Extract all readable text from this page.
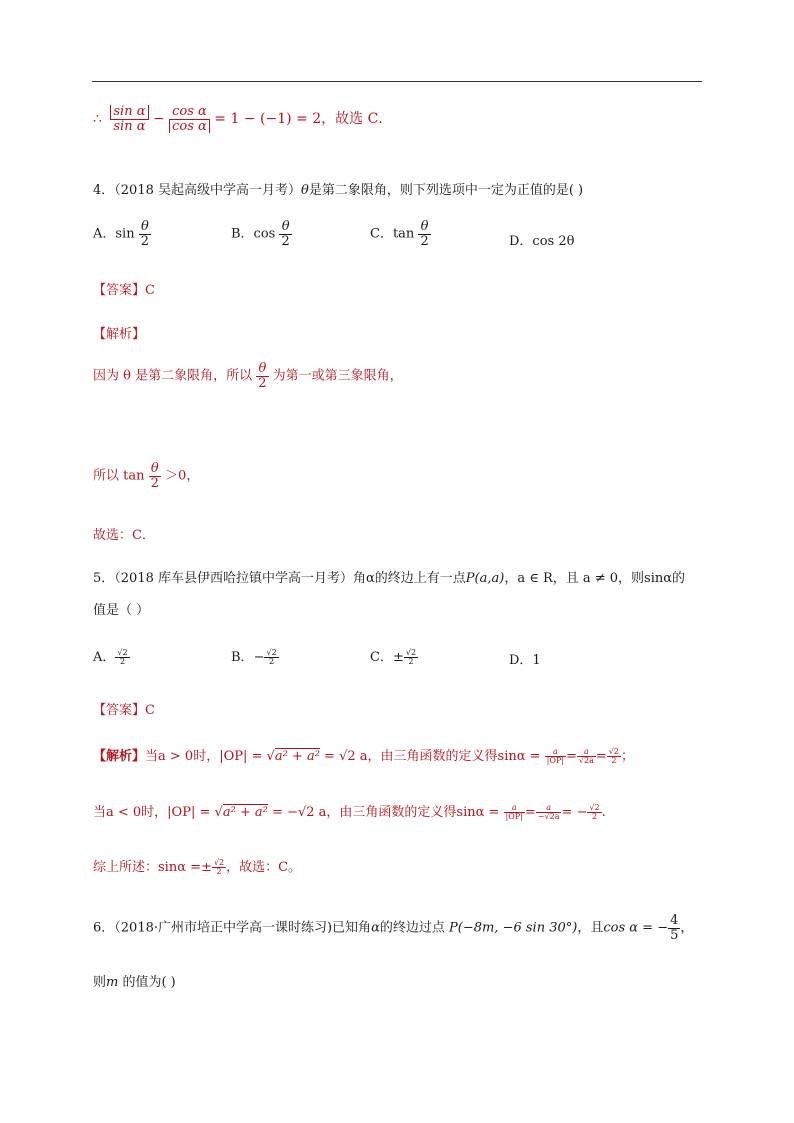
∴ $\frac{\text{sin α}}{\text{sin α}} - \frac{\text{cos α}}{\text{cos α}} = 1 - (-1) = 2$，故选 C．
4．（2018 吴起高级中学高一月考）θ是第二象限角，则下列选项中一定为正值的是( )
A．$\sin \frac{\theta}{2}$	B．$\cos \frac{\theta}{2}$	C．$\tan \frac{\theta}{2}$	D．cos 2θ
【答案】C
【解析】
因为 θ 是第二象限角，所以 $\frac{\theta}{2}$ 为第一或第三象限角，
所以 $\tan \frac{\theta}{2} >0$，
故选：C．
5．（2018 库车县伊西哈拉镇中学高一月考）角α的终边上有一点P(a,a)，a ∈ R，且 a ≠ 0，则sinα的
值是（ ）
A． $\frac{√2}{2}$	B．− $\frac{√2}{2}$	C．± $\frac{√2}{2}$	D．1
【答案】C
【解析】当a > 0时，|OP| = √a² + a² = √2 a，由三角函数的定义得$\sin\alpha = \frac{a}{|OP|} = \frac{a}{√2a} = \frac{√2}{2}$ ；
当a < 0时，|OP| = √a² + a² = −√2 a，由三角函数的定义得$\sin\alpha = \frac{a}{|OP|} = \frac{a}{-√2a}$ = − $\frac{√2}{2}$ .
综上所述：$\sin\alpha =\pm \frac{√2}{2}$ ，故选：C。
6．（2018·广州市培正中学高一课时练习)已知角α的终边过点 P(−8m, −6 sin 30°)，且cos α = − $\frac{4}{5}$ ，
则m 的值为( )
